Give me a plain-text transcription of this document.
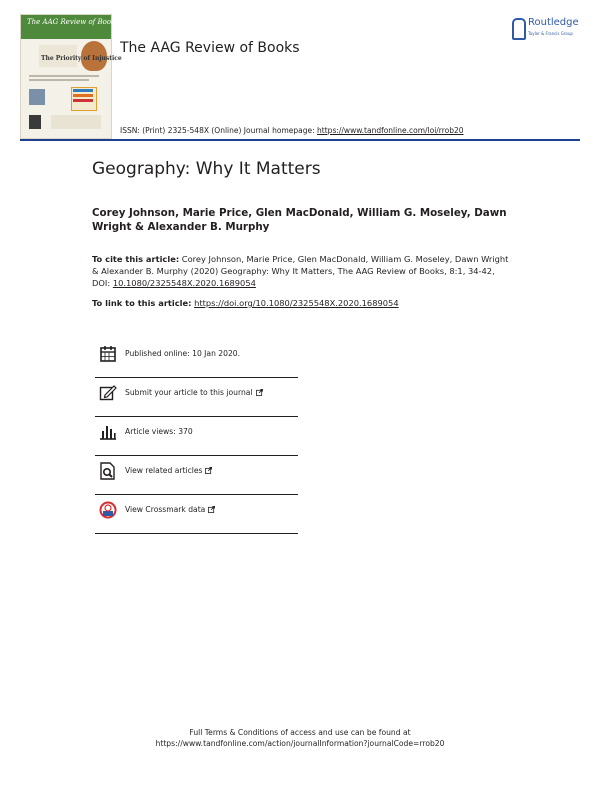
The AAG Review of Books
The Priority of Injustice
The AAG Review of Books
Routledge
Taylor & Francis Group
ISSN: (Print) 2325-548X (Online) Journal homepage: https://www.tandfonline.com/loi/rrob20
Geography: Why It Matters
Corey Johnson, Marie Price, Glen MacDonald, William G. Moseley, Dawn Wright & Alexander B. Murphy
To cite this article: Corey Johnson, Marie Price, Glen MacDonald, William G. Moseley, Dawn Wright & Alexander B. Murphy (2020) Geography: Why It Matters, The AAG Review of Books, 8:1, 34-42, DOI: 10.1080/2325548X.2020.1689054
To link to this article: https://doi.org/10.1080/2325548X.2020.1689054
Published online: 10 Jan 2020.
Submit your article to this journal
Article views: 370
View related articles
View Crossmark data
Full Terms & Conditions of access and use can be found at
https://www.tandfonline.com/action/journalInformation?journalCode=rrob20
